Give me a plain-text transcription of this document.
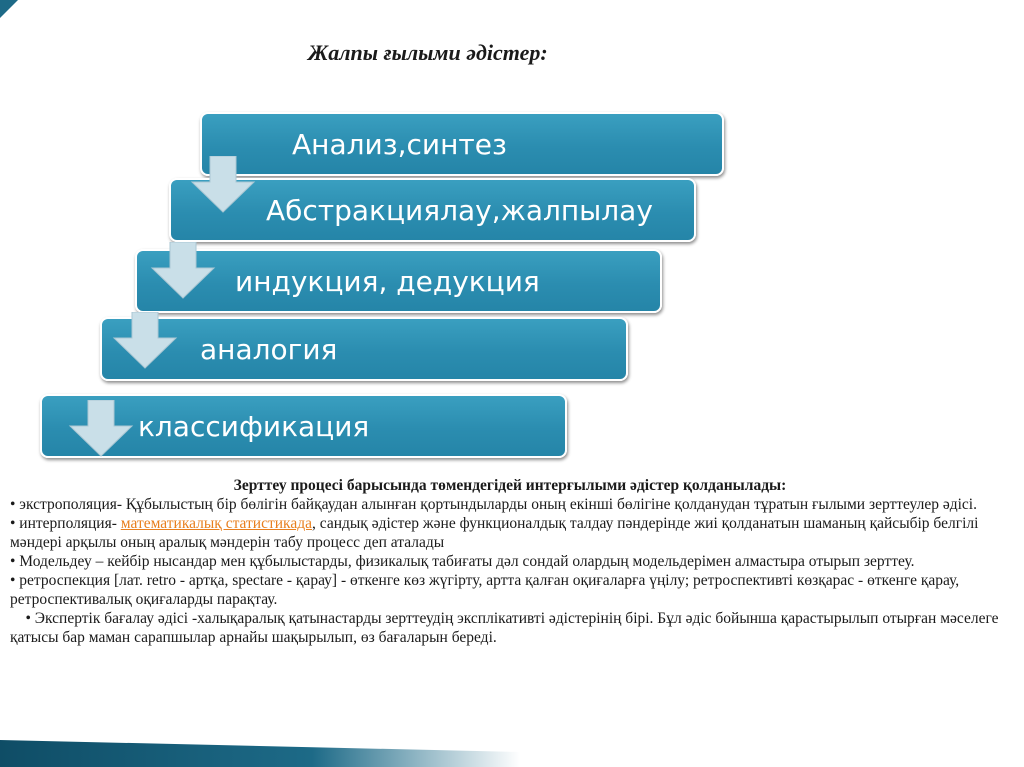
Жалпы ғылыми әдістер:
Анализ,синтез
Абстракциялау,жалпылау
индукция, дедукция
аналогия
классификация
Зерттеу процесі барысында төмендегідей интерғылыми әдістер қолданылады:
• экстрополяция- Құбылыстың бір бөлігін байқаудан алынған қортындыларды оның екінші бөлігіне қолданудан тұратын ғылыми зерттеулер әдісі.
• интерполяция- математикалық статистикада, сандық әдістер және функционалдық талдау пәндерінде жиі қолданатын шаманың қайсыбір белгілі мәндері арқылы оның аралық мәндерін табу процесс деп аталады
• Модельдеу – кейбір нысандар мен құбылыстарды, физикалық табиғаты дәл сондай олардың модельдерімен алмастыра отырып зерттеу.
• ретроспекция [лат. retro - артқа, spectare - қарау] - өткенге көз жүгірту, артта қалған оқиғаларға үңілу; ретроспективті көзқарас - өткенге қарау, ретроспективалық оқиғаларды парақтау.
• Экспертiк бағалау әдісі -халықаралық қатынастарды зерттеудің эксплікативті әдістерінің бірі. Бұл әдіс бойынша қарастырылып отырған мәселеге қатысы бар маман сарапшылар арнайы шақырылып, өз бағаларын береді.
